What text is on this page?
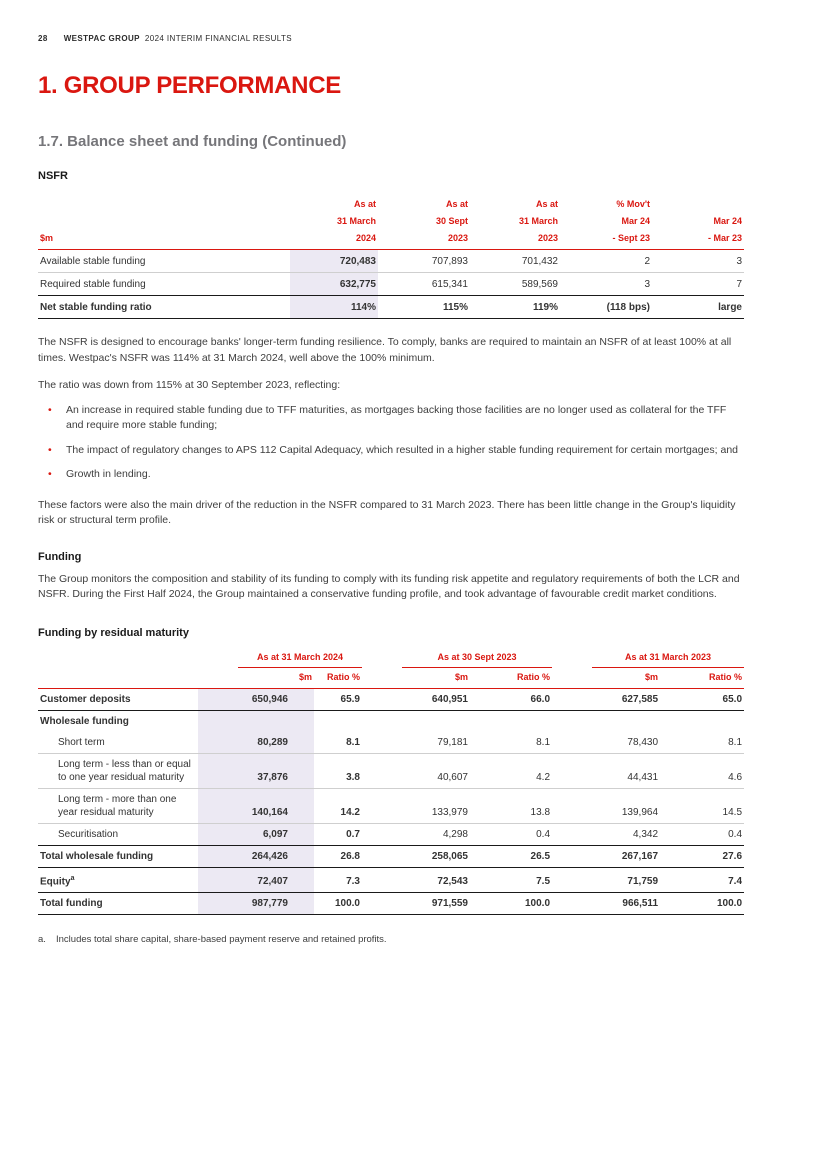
28 WESTPAC GROUP 2024 INTERIM FINANCIAL RESULTS
1. GROUP PERFORMANCE
1.7. Balance sheet and funding (Continued)
NSFR
	As at	As at	As at	% Mov't	
	31 March	30 Sept	31 March	Mar 24	Mar 24
$m	2024	2023	2023	- Sept 23	- Mar 23
Available stable funding	720,483	707,893	701,432	2	3
Required stable funding	632,775	615,341	589,569	3	7
Net stable funding ratio	114%	115%	119%	(118 bps)	large

The NSFR is designed to encourage banks' longer-term funding resilience. To comply, banks are required to maintain an NSFR of at least 100% at all times. Westpac's NSFR was 114% at 31 March 2024, well above the 100% minimum.

The ratio was down from 115% at 30 September 2023, reflecting:

•	An increase in required stable funding due to TFF maturities, as mortgages backing those facilities are no longer used as collateral for the TFF and require more stable funding;
•	The impact of regulatory changes to APS 112 Capital Adequacy, which resulted in a higher stable funding requirement for certain mortgages; and
•	Growth in lending.

These factors were also the main driver of the reduction in the NSFR compared to 31 March 2023. There has been little change in the Group's liquidity risk or structural term profile.

Funding

The Group monitors the composition and stability of its funding to comply with its funding risk appetite and regulatory requirements of both the LCR and NSFR. During the First Half 2024, the Group maintained a conservative funding profile, and took advantage of favourable credit market conditions.

Funding by residual maturity

	As at 31 March 2024		As at 30 Sept 2023		As at 31 March 2023	

	$m	Ratio %	$m	Ratio %	$m	Ratio %
Customer deposits	650,946	65.9	640,951	66.0	627,585	65.0
Wholesale funding						
Short term	80,289	8.1	79,181	8.1	78,430	8.1
Long term - less than or equal to one year residual maturity	37,876	3.8	40,607	4.2	44,431	4.6
Long term - more than one year residual maturity	140,164	14.2	133,979	13.8	139,964	14.5
Securitisation	6,097	0.7	4,298	0.4	4,342	0.4
Total wholesale funding	264,426	26.8	258,065	26.5	267,167	27.6
Equity$^a$	72,407	7.3	72,543	7.5	71,759	7.4
Total funding	987,779	100.0	971,559	100.0	966,511	100.0
a.	Includes total share capital, share-based payment reserve and retained profits.
